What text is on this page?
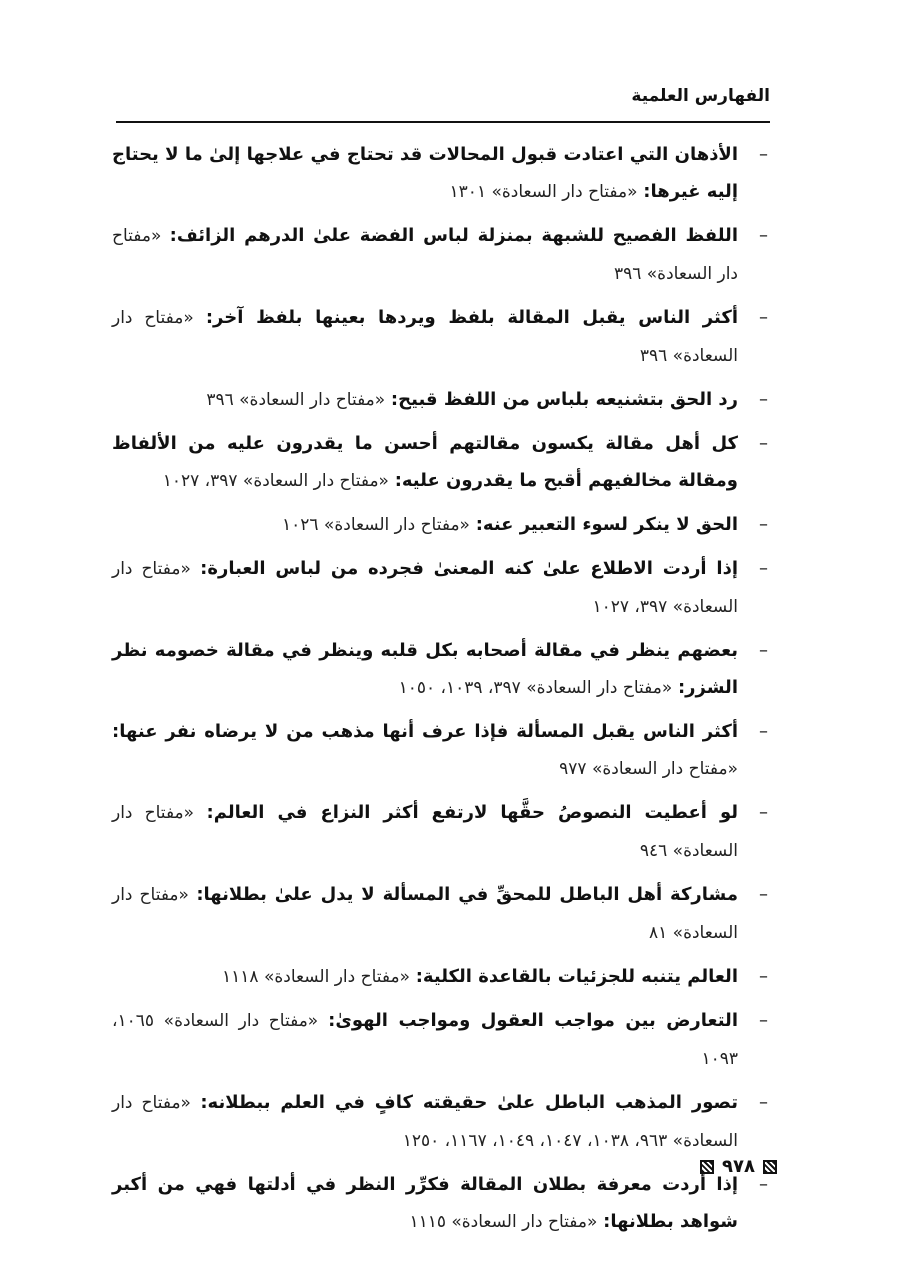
الفهارس العلمية
–
الأذهان التي اعتادت قبول المحالات قد تحتاج في علاجها إلىٰ ما لا يحتاج إليه غيرها: «مفتاح دار السعادة» ١٣٠١
–
اللفظ الفصيح للشبهة بمنزلة لباس الفضة علىٰ الدرهم الزائف: «مفتاح دار السعادة» ٣٩٦
–
أكثر الناس يقبل المقالة بلفظ ويردها بعينها بلفظ آخر: «مفتاح دار السعادة» ٣٩٦
–
رد الحق بتشنيعه بلباس من اللفظ قبيح: «مفتاح دار السعادة» ٣٩٦
–
كل أهل مقالة يكسون مقالتهم أحسن ما يقدرون عليه من الألفاظ ومقالة مخالفيهم أقبح ما يقدرون عليه: «مفتاح دار السعادة» ٣٩٧، ١٠٢٧
–
الحق لا ينكر لسوء التعبير عنه: «مفتاح دار السعادة» ١٠٢٦
–
إذا أردت الاطلاع علىٰ كنه المعنىٰ فجرده من لباس العبارة: «مفتاح دار السعادة» ٣٩٧، ١٠٢٧
–
بعضهم ينظر في مقالة أصحابه بكل قلبه وينظر في مقالة خصومه نظر الشزر: «مفتاح دار السعادة» ٣٩٧، ١٠٣٩، ١٠٥٠
–
أكثر الناس يقبل المسألة فإذا عرف أنها مذهب من لا يرضاه نفر عنها: «مفتاح دار السعادة» ٩٧٧
–
لو أعطيت النصوصُ حقَّها لارتفع أكثر النزاع في العالم: «مفتاح دار السعادة» ٩٤٦
–
مشاركة أهل الباطل للمحقِّ في المسألة لا يدل علىٰ بطلانها: «مفتاح دار السعادة» ٨١
–
العالم يتنبه للجزئيات بالقاعدة الكلية: «مفتاح دار السعادة» ١١١٨
–
التعارض بين مواجب العقول ومواجب الهوىٰ: «مفتاح دار السعادة» ١٠٦٥، ١٠٩٣
–
تصور المذهب الباطل علىٰ حقيقته كافٍ في العلم ببطلانه: «مفتاح دار السعادة» ٩٦٣، ١٠٣٨، ١٠٤٧، ١٠٤٩، ١١٦٧، ١٢٥٠
–
إذا أردت معرفة بطلان المقالة فكرِّر النظر في أدلتها فهي من أكبر شواهد بطلانها: «مفتاح دار السعادة» ١١١٥
٩٧٨
